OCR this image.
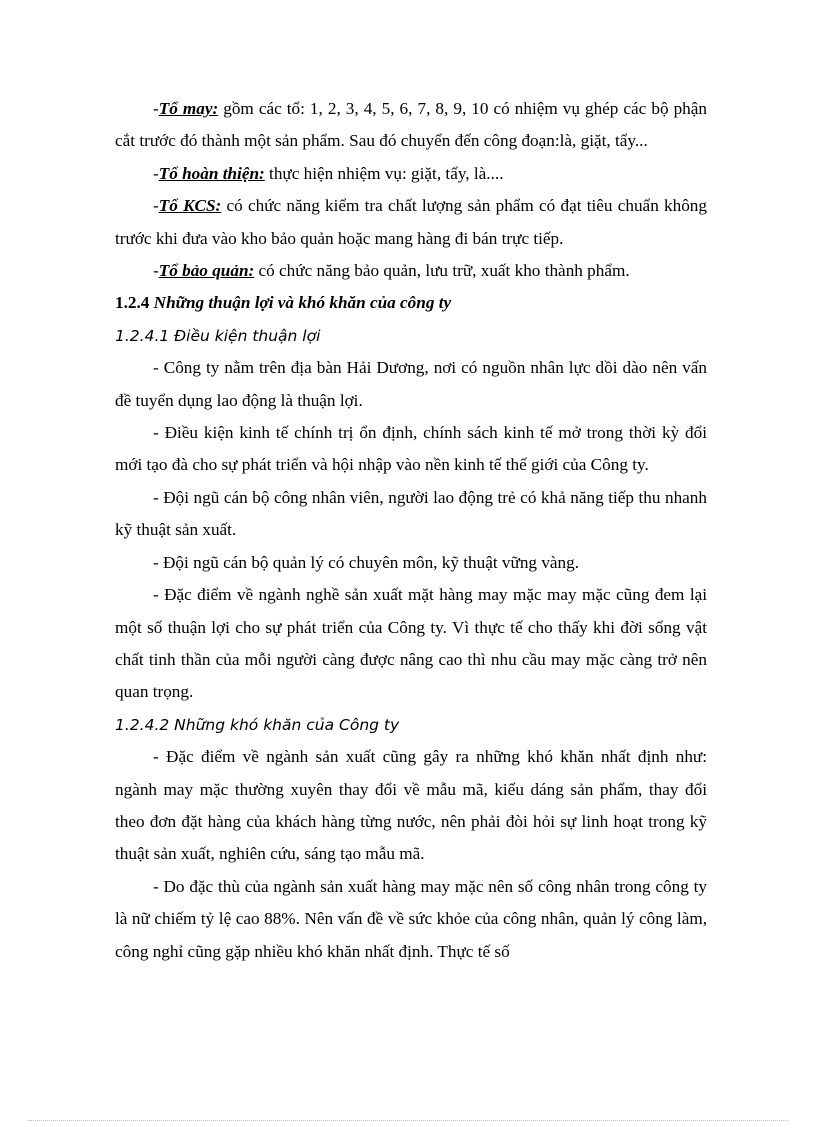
-Tổ may: gồm các tổ: 1, 2, 3, 4, 5, 6, 7, 8, 9, 10 có nhiệm vụ ghép các bộ phận cắt trước đó thành một sản phẩm. Sau đó chuyển đến công đoạn:là, giặt, tẩy...

-Tổ hoàn thiện: thực hiện nhiệm vụ: giặt, tẩy, là....

-Tổ KCS: có chức năng kiểm tra chất lượng sản phẩm có đạt tiêu chuẩn không trước khi đưa vào kho bảo quản hoặc mang hàng đi bán trực tiếp.

-Tổ bảo quản: có chức năng bảo quản, lưu trữ, xuất kho thành phẩm.

1.2.4 Những thuận lợi và khó khăn của công ty

1.2.4.1 Điều kiện thuận lợi

- Công ty nằm trên địa bàn Hải Dương, nơi có nguồn nhân lực dồi dào nên vấn đề tuyển dụng lao động là thuận lợi.

- Điều kiện kinh tế chính trị ổn định, chính sách kinh tế mở trong thời kỳ đổi mới tạo đà cho sự phát triển và hội nhập vào nền kinh tế thế giới của Công ty.

- Đội ngũ cán bộ công nhân viên, người lao động trẻ có khả năng tiếp thu nhanh kỹ thuật sản xuất.

- Đội ngũ cán bộ quản lý có chuyên môn, kỹ thuật vững vàng.

- Đặc điểm về ngành nghề sản xuất mặt hàng may mặc may mặc cũng đem lại một số thuận lợi cho sự phát triển của Công ty. Vì thực tế cho thấy khi đời sống vật chất tinh thần của mỗi người càng được nâng cao thì nhu cầu may mặc càng trở nên quan trọng.

1.2.4.2 Những khó khăn của Công ty

- Đặc điểm về ngành sản xuất cũng gây ra những khó khăn nhất định như: ngành may mặc thường xuyên thay đổi về mẫu mã, kiểu dáng sản phẩm, thay đổi theo đơn đặt hàng của khách hàng từng nước, nên phải đòi hỏi sự linh hoạt trong kỹ thuật sản xuất, nghiên cứu, sáng tạo mẫu mã.

- Do đặc thù của ngành sản xuất hàng may mặc nên số công nhân trong công ty là nữ chiếm tỷ lệ cao 88%. Nên vấn đề về sức khỏe của công nhân, quản lý công làm, công nghỉ cũng gặp nhiều khó khăn nhất định. Thực tế số
